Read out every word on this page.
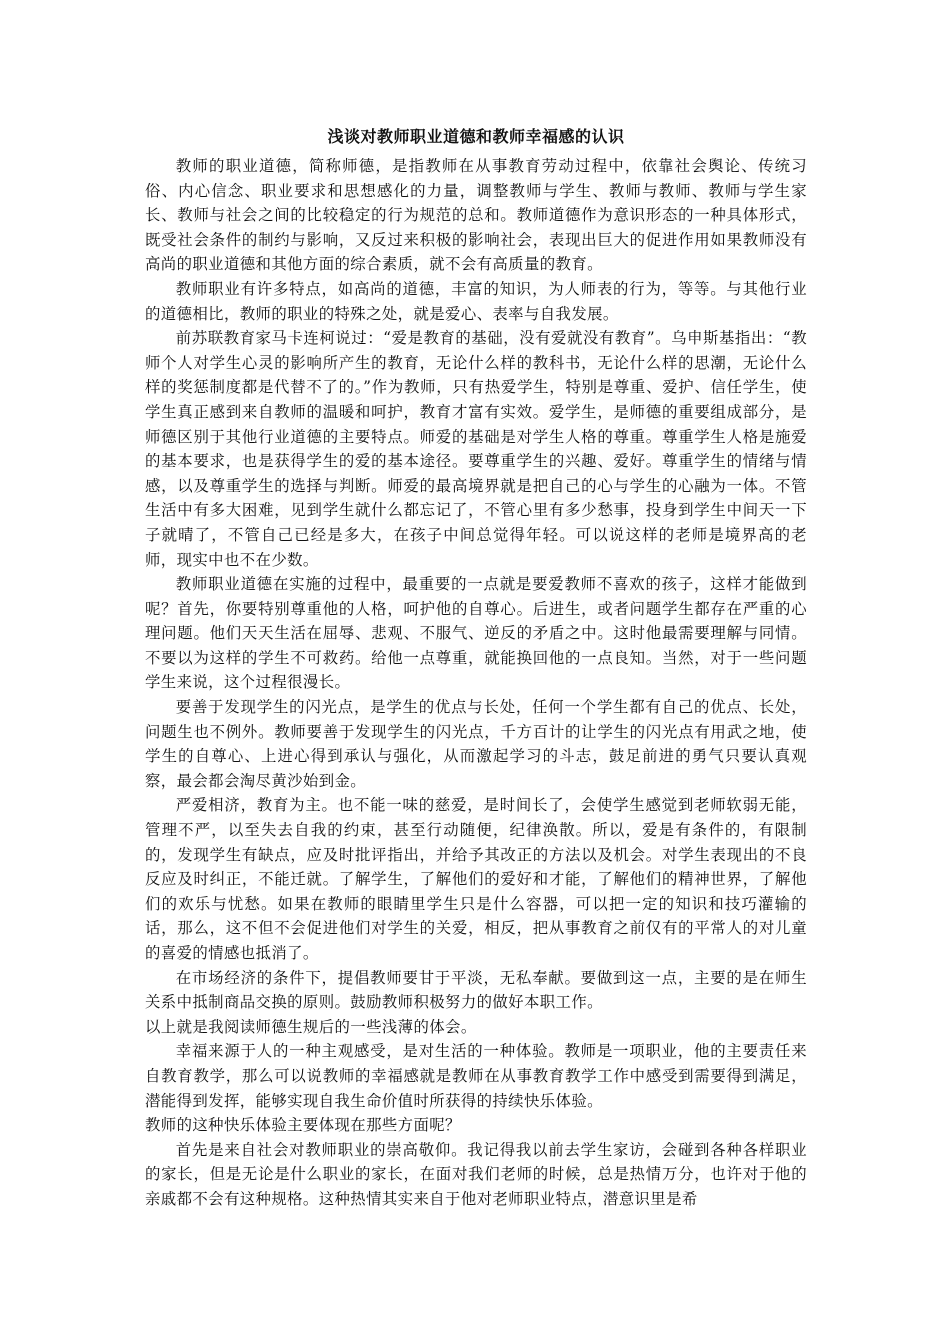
浅谈对教师职业道德和教师幸福感的认识

教师的职业道德，简称师德，是指教师在从事教育劳动过程中，依靠社会舆论、传统习俗、内心信念、职业要求和思想感化的力量，调整教师与学生、教师与教师、教师与学生家长、教师与社会之间的比较稳定的行为规范的总和。教师道德作为意识形态的一种具体形式，既受社会条件的制约与影响，又反过来积极的影响社会，表现出巨大的促进作用如果教师没有高尚的职业道德和其他方面的综合素质，就不会有高质量的教育。

教师职业有许多特点，如高尚的道德，丰富的知识，为人师表的行为，等等。与其他行业的道德相比，教师的职业的特殊之处，就是爱心、表率与自我发展。

前苏联教育家马卡连柯说过：“爱是教育的基础，没有爱就没有教育”。乌申斯基指出：“教师个人对学生心灵的影响所产生的教育，无论什么样的教科书，无论什么样的思潮，无论什么样的奖惩制度都是代替不了的。”作为教师，只有热爱学生，特别是尊重、爱护、信任学生，使学生真正感到来自教师的温暖和呵护，教育才富有实效。爱学生，是师德的重要组成部分，是师德区别于其他行业道德的主要特点。师爱的基础是对学生人格的尊重。尊重学生人格是施爱的基本要求，也是获得学生的爱的基本途径。要尊重学生的兴趣、爱好。尊重学生的情绪与情感，以及尊重学生的选择与判断。师爱的最高境界就是把自己的心与学生的心融为一体。不管生活中有多大困难，见到学生就什么都忘记了，不管心里有多少愁事，投身到学生中间天一下子就晴了，不管自己已经是多大，在孩子中间总觉得年轻。可以说这样的老师是境界高的老师，现实中也不在少数。

教师职业道德在实施的过程中，最重要的一点就是要爱教师不喜欢的孩子，这样才能做到呢？首先，你要特别尊重他的人格，呵护他的自尊心。后进生，或者问题学生都存在严重的心理问题。他们天天生活在屈辱、悲观、不服气、逆反的矛盾之中。这时他最需要理解与同情。不要以为这样的学生不可救药。给他一点尊重，就能换回他的一点良知。当然，对于一些问题学生来说，这个过程很漫长。

要善于发现学生的闪光点，是学生的优点与长处，任何一个学生都有自己的优点、长处，问题生也不例外。教师要善于发现学生的闪光点，千方百计的让学生的闪光点有用武之地，使学生的自尊心、上进心得到承认与强化，从而激起学习的斗志，鼓足前进的勇气只要认真观察，最会都会淘尽黄沙始到金。

严爱相济，教育为主。也不能一味的慈爱，是时间长了，会使学生感觉到老师软弱无能，管理不严，以至失去自我的约束，甚至行动随便，纪律涣散。所以，爱是有条件的，有限制的，发现学生有缺点，应及时批评指出，并给予其改正的方法以及机会。对学生表现出的不良反应及时纠正，不能迁就。了解学生，了解他们的爱好和才能，了解他们的精神世界，了解他们的欢乐与忧愁。如果在教师的眼睛里学生只是什么容器，可以把一定的知识和技巧灌输的话，那么，这不但不会促进他们对学生的关爱，相反，把从事教育之前仅有的平常人的对儿童的喜爱的情感也抵消了。

在市场经济的条件下，提倡教师要甘于平淡，无私奉献。要做到这一点，主要的是在师生关系中抵制商品交换的原则。鼓励教师积极努力的做好本职工作。

以上就是我阅读师德生规后的一些浅薄的体会。

幸福来源于人的一种主观感受，是对生活的一种体验。教师是一项职业，他的主要责任来自教育教学，那么可以说教师的幸福感就是教师在从事教育教学工作中感受到需要得到满足，潜能得到发挥，能够实现自我生命价值时所获得的持续快乐体验。

教师的这种快乐体验主要体现在那些方面呢？

首先是来自社会对教师职业的崇高敬仰。我记得我以前去学生家访，会碰到各种各样职业的家长，但是无论是什么职业的家长，在面对我们老师的时候，总是热情万分，也许对于他的亲戚都不会有这种规格。这种热情其实来自于他对老师职业特点，潜意识里是希
